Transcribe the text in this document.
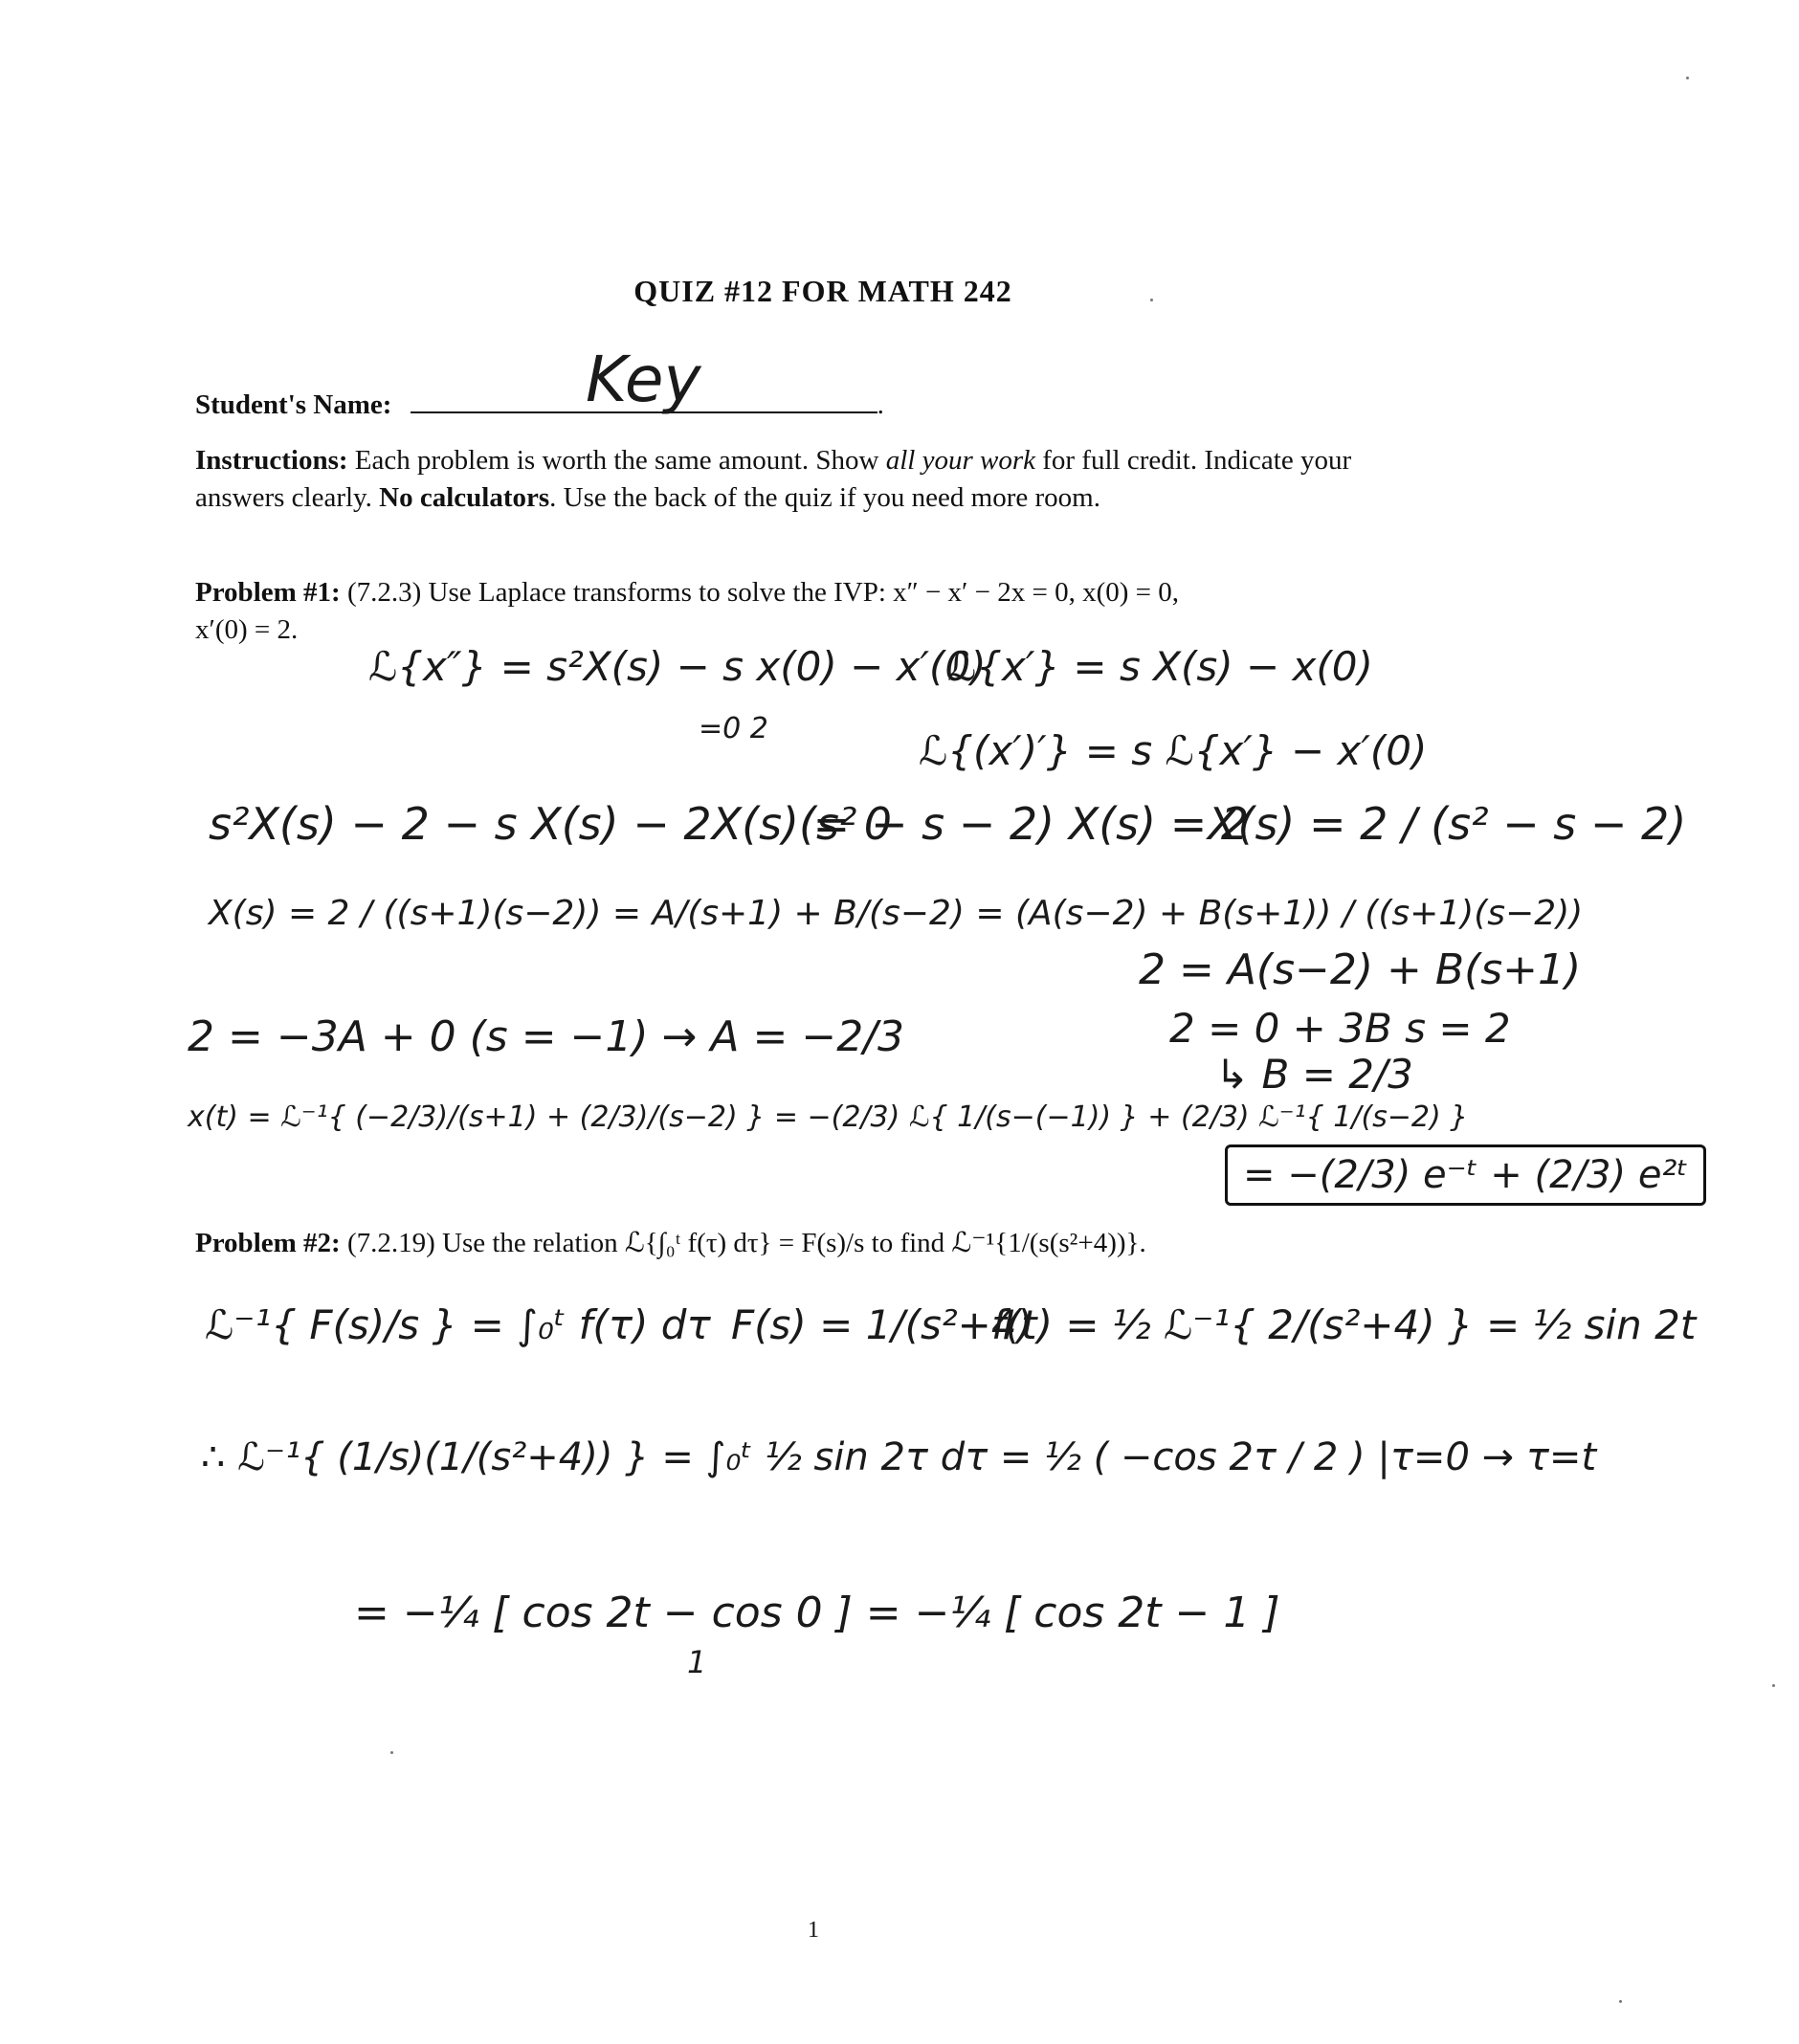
QUIZ #12 FOR MATH 242
Student's Name:	.
Key
Instructions: Each problem is worth the same amount. Show all your work for full credit. Indicate your answers clearly. No calculators. Use the back of the quiz if you need more room.
Problem #1: (7.2.3) Use Laplace transforms to solve the IVP: x″ − x′ − 2x = 0, x(0) = 0,
x′(0) = 2.
ℒ{x″} = s²X(s) − s x(0) − x′(0)
ℒ{x′} = s X(s) − x(0)
=0 2	ℒ{(x′)′} = s ℒ{x′} − x′(0)
s²X(s) − 2 − s X(s) − 2X(s) = 0
(s² − s − 2) X(s) = 2
X(s) = 2 / (s² − s − 2)
X(s) = 2 / ((s+1)(s−2)) = A/(s+1) + B/(s−2) = (A(s−2) + B(s+1)) / ((s+1)(s−2))
2 = A(s−2) + B(s+1)
2 = −3A + 0 (s = −1) → A = −2/3	2 = 0 + 3B s = 2
↳ B = 2/3
x(t) = ℒ⁻¹{ (−2/3)/(s+1) + (2/3)/(s−2) } = −(2/3) ℒ{ 1/(s−(−1)) } + (2/3) ℒ⁻¹{ 1/(s−2) }
= −(2/3) e⁻ᵗ + (2/3) e²ᵗ
Problem #2: (7.2.19) Use the relation ℒ{∫₀ᵗ f(τ) dτ} = F(s)/s to find ℒ⁻¹{1/(s(s²+4))}.
ℒ⁻¹{ F(s)/s } = ∫₀ᵗ f(τ) dτ F(s) = 1/(s²+4)
f(t) = ½ ℒ⁻¹{ 2/(s²+4) } = ½ sin 2t
∴ ℒ⁻¹{ (1/s)(1/(s²+4)) } = ∫₀ᵗ ½ sin 2τ dτ = ½ ( −cos 2τ / 2 ) |τ=0 → τ=t
= −¼ [ cos 2t − cos 0 ] = −¼ [ cos 2t − 1 ]
1
1
